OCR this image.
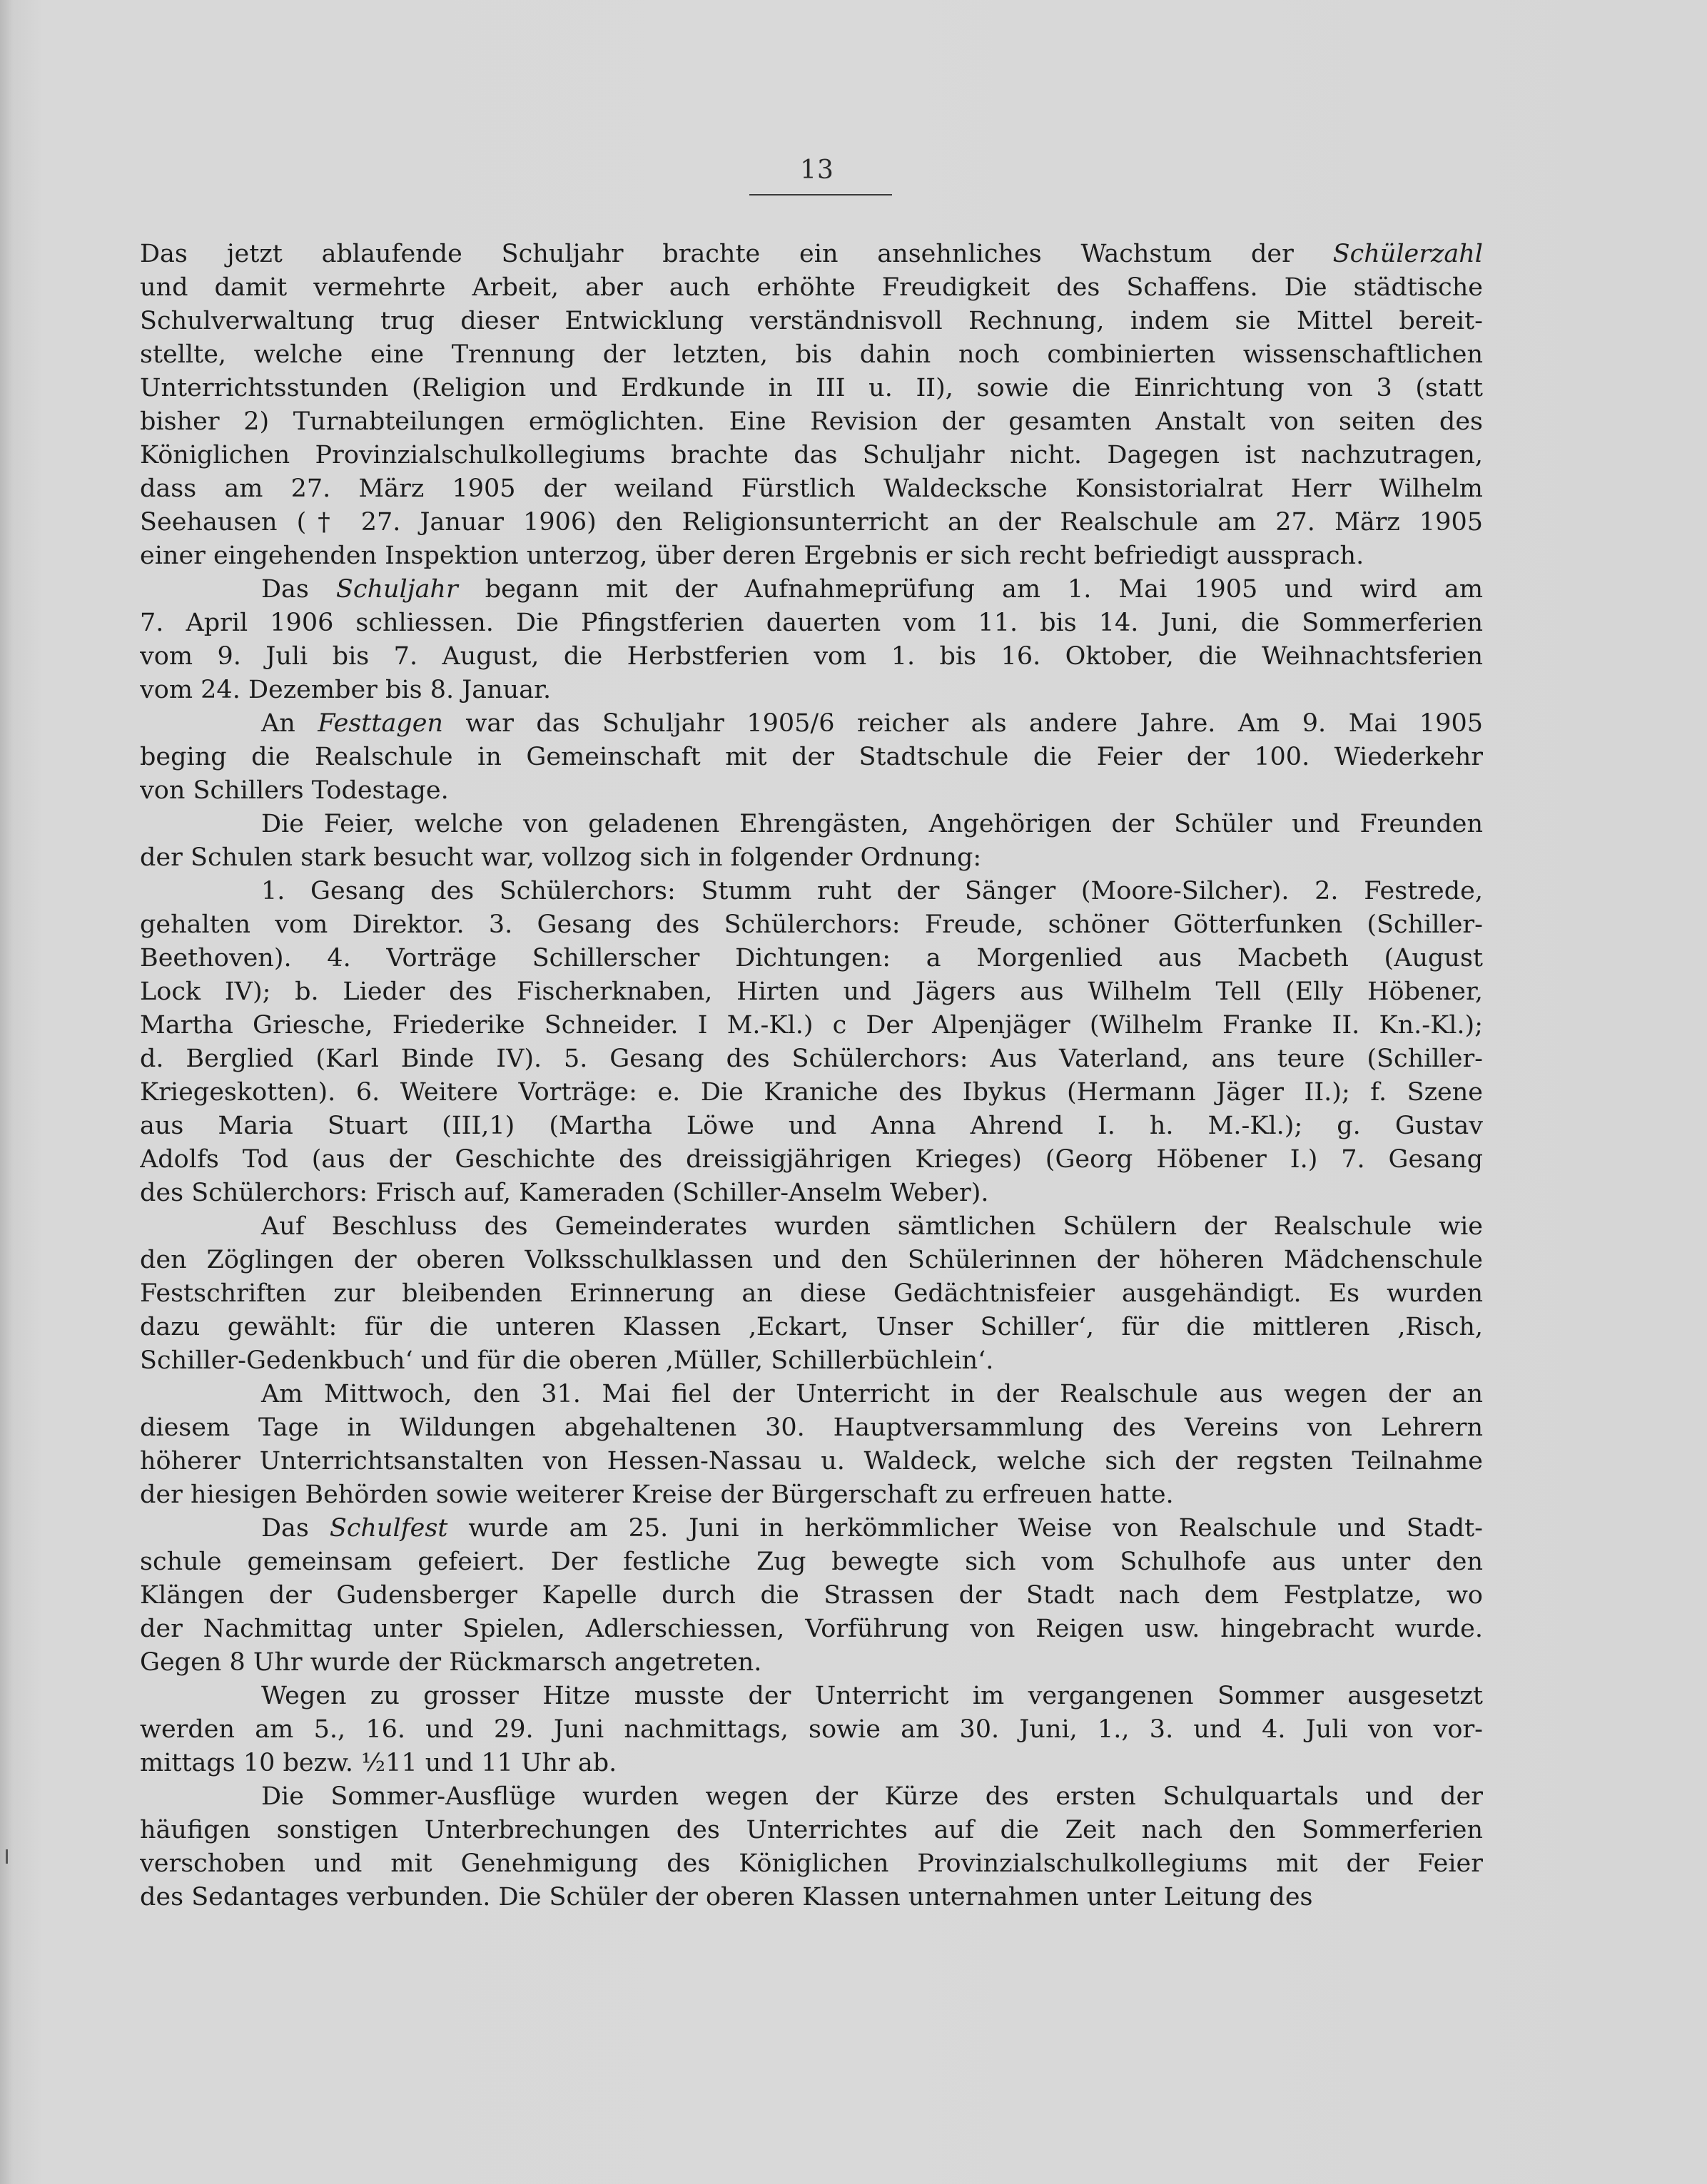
13
Das jetzt ablaufende Schuljahr brachte ein ansehnliches Wachstum der Schülerzahl
und damit vermehrte Arbeit, aber auch erhöhte Freudigkeit des Schaffens. Die städtische
Schulverwaltung trug dieser Entwicklung verständnisvoll Rechnung, indem sie Mittel bereit-
stellte, welche eine Trennung der letzten, bis dahin noch combinierten wissenschaftlichen
Unterrichtsstunden (Religion und Erdkunde in III u. II), sowie die Einrichtung von 3 (statt
bisher 2) Turnabteilungen ermöglichten. Eine Revision der gesamten Anstalt von seiten des
Königlichen Provinzialschulkollegiums brachte das Schuljahr nicht. Dagegen ist nachzutragen,
dass am 27. März 1905 der weiland Fürstlich Waldecksche Konsistorialrat Herr Wilhelm
Seehausen († 27. Januar 1906) den Religionsunterricht an der Realschule am 27. März 1905
einer eingehenden Inspektion unterzog, über deren Ergebnis er sich recht befriedigt aussprach.
Das Schuljahr begann mit der Aufnahmeprüfung am 1. Mai 1905 und wird am
7. April 1906 schliessen. Die Pfingstferien dauerten vom 11. bis 14. Juni, die Sommerferien
vom 9. Juli bis 7. August, die Herbstferien vom 1. bis 16. Oktober, die Weihnachtsferien
vom 24. Dezember bis 8. Januar.
An Festtagen war das Schuljahr 1905/6 reicher als andere Jahre. Am 9. Mai 1905
beging die Realschule in Gemeinschaft mit der Stadtschule die Feier der 100. Wiederkehr
von Schillers Todestage.
Die Feier, welche von geladenen Ehrengästen, Angehörigen der Schüler und Freunden
der Schulen stark besucht war, vollzog sich in folgender Ordnung:
1. Gesang des Schülerchors: Stumm ruht der Sänger (Moore-Silcher). 2. Festrede,
gehalten vom Direktor. 3. Gesang des Schülerchors: Freude, schöner Götterfunken (Schiller-
Beethoven). 4. Vorträge Schillerscher Dichtungen: a Morgenlied aus Macbeth (August
Lock IV); b. Lieder des Fischerknaben, Hirten und Jägers aus Wilhelm Tell (Elly Höbener,
Martha Griesche, Friederike Schneider. I M.-Kl.) c Der Alpenjäger (Wilhelm Franke II. Kn.-Kl.);
d. Berglied (Karl Binde IV). 5. Gesang des Schülerchors: Aus Vaterland, ans teure (Schiller-
Kriegeskotten). 6. Weitere Vorträge: e. Die Kraniche des Ibykus (Hermann Jäger II.); f. Szene
aus Maria Stuart (III,1) (Martha Löwe und Anna Ahrend I. h. M.-Kl.); g. Gustav
Adolfs Tod (aus der Geschichte des dreissigjährigen Krieges) (Georg Höbener I.) 7. Gesang
des Schülerchors: Frisch auf, Kameraden (Schiller-Anselm Weber).
Auf Beschluss des Gemeinderates wurden sämtlichen Schülern der Realschule wie
den Zöglingen der oberen Volksschulklassen und den Schülerinnen der höheren Mädchenschule
Festschriften zur bleibenden Erinnerung an diese Gedächtnisfeier ausgehändigt. Es wurden
dazu gewählt: für die unteren Klassen ‚Eckart, Unser Schiller‘, für die mittleren ‚Risch,
Schiller-Gedenkbuch‘ und für die oberen ‚Müller, Schillerbüchlein‘.
Am Mittwoch, den 31. Mai fiel der Unterricht in der Realschule aus wegen der an
diesem Tage in Wildungen abgehaltenen 30. Hauptversammlung des Vereins von Lehrern
höherer Unterrichtsanstalten von Hessen-Nassau u. Waldeck, welche sich der regsten Teilnahme
der hiesigen Behörden sowie weiterer Kreise der Bürgerschaft zu erfreuen hatte.
Das Schulfest wurde am 25. Juni in herkömmlicher Weise von Realschule und Stadt-
schule gemeinsam gefeiert. Der festliche Zug bewegte sich vom Schulhofe aus unter den
Klängen der Gudensberger Kapelle durch die Strassen der Stadt nach dem Festplatze, wo
der Nachmittag unter Spielen, Adlerschiessen, Vorführung von Reigen usw. hingebracht wurde.
Gegen 8 Uhr wurde der Rückmarsch angetreten.
Wegen zu grosser Hitze musste der Unterricht im vergangenen Sommer ausgesetzt
werden am 5., 16. und 29. Juni nachmittags, sowie am 30. Juni, 1., 3. und 4. Juli von vor-
mittags 10 bezw. ½11 und 11 Uhr ab.
Die Sommer-Ausflüge wurden wegen der Kürze des ersten Schulquartals und der
häufigen sonstigen Unterbrechungen des Unterrichtes auf die Zeit nach den Sommerferien
verschoben und mit Genehmigung des Königlichen Provinzialschulkollegiums mit der Feier
des Sedantages verbunden. Die Schüler der oberen Klassen unternahmen unter Leitung des
